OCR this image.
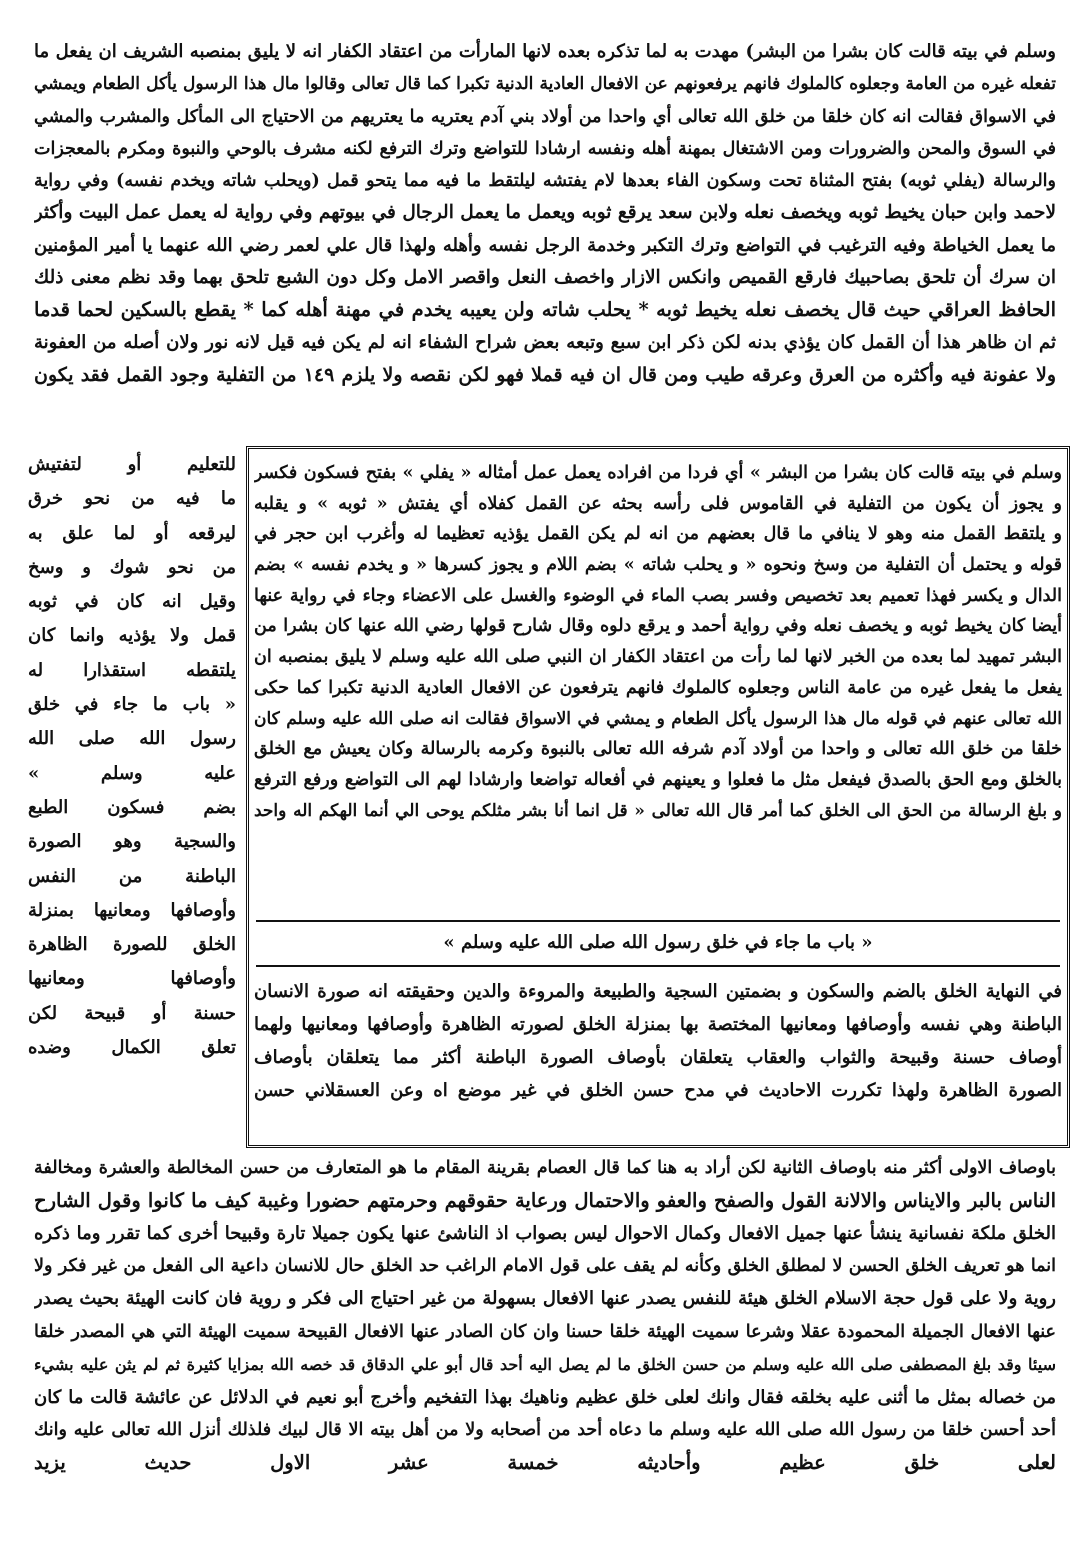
وسلم في بيته قالت كان بشرا من البشر) مهدت به لما تذكره بعده لانها المارأت من اعتقاد الكفار انه لا يليق بمنصبه الشريف ان يفعل ما
تفعله غيره من العامة وجعلوه كالملوك فانهم يرفعونهم عن الافعال العادية الدنية تكبرا كما قال تعالى وقالوا مال هذا الرسول يأكل الطعام ويمشي
في الاسواق فقالت انه كان خلقا من خلق الله تعالى أي واحدا من أولاد بني آدم يعتريه ما يعتريهم من الاحتياج الى المأكل والمشرب والمشي
في السوق والمحن والضرورات ومن الاشتغال بمهنة أهله ونفسه ارشادا للتواضع وترك الترفع لكنه مشرف بالوحي والنبوة ومكرم بالمعجزات
والرسالة (يفلي ثوبه) بفتح المثناة تحت وسكون الفاء بعدها لام يفتشه ليلتقط ما فيه مما يتحو قمل (ويحلب شاته ويخدم نفسه) وفي رواية
لاحمد وابن حبان يخيط ثوبه ويخصف نعله ولابن سعد يرقع ثوبه ويعمل ما يعمل الرجال في بيوتهم وفي رواية له يعمل عمل البيت وأكثر
ما يعمل الخياطة وفيه الترغيب في التواضع وترك التكبر وخدمة الرجل نفسه وأهله ولهذا قال علي لعمر رضي الله عنهما يا أمير المؤمنين
ان سرك أن تلحق بصاحبيك فارقع القميص وانكس الازار واخصف النعل واقصر الامل وكل دون الشبع تلحق بهما وقد نظم معنى ذلك
الحافظ العراقي حيث قال يخصف نعله يخيط ثوبه * يحلب شاته ولن يعيبه يخدم في مهنة أهله كما * يقطع بالسكين لحما قدما
ثم ان ظاهر هذا أن القمل كان يؤذي بدنه لكن ذكر ابن سبع وتبعه بعض شراح الشفاء انه لم يكن فيه قيل لانه نور ولان أصله من العفونة
ولا عفونة فيه وأكثره من العرق وعرقه طيب ومن قال ان فيه قملا فهو لكن نقصه ولا يلزم ١٤٩ من التفلية وجود القمل فقد يكون
وسلم في بيته قالت كان بشرا من البشر » أي فردا من افراده يعمل عمل أمثاله « يفلي » بفتح فسكون فكسر
و يجوز أن يكون من التفلية في القاموس فلى رأسه بحثه عن القمل كفلاه أي يفتش « ثوبه » و يقلبه
و يلتقط القمل منه وهو لا ينافي ما قال بعضهم من انه لم يكن القمل يؤذيه تعظيما له وأغرب ابن حجر في
قوله و يحتمل أن التفلية من وسخ ونحوه « و يحلب شاته » بضم اللام و يجوز كسرها « و يخدم نفسه » بضم
الدال و يكسر فهذا تعميم بعد تخصيص وفسر بصب الماء في الوضوء والغسل على الاعضاء وجاء في رواية عنها
أيضا كان يخيط ثوبه و يخصف نعله وفي رواية أحمد و يرقع دلوه وقال شارح قولها رضي الله عنها كان بشرا من
البشر تمهيد لما بعده من الخبر لانها لما رأت من اعتقاد الكفار ان النبي صلى الله عليه وسلم لا يليق بمنصبه ان
يفعل ما يفعل غيره من عامة الناس وجعلوه كالملوك فانهم يترفعون عن الافعال العادية الدنية تكبرا كما حكى
الله تعالى عنهم في قوله مال هذا الرسول يأكل الطعام و يمشي في الاسواق فقالت انه صلى الله عليه وسلم كان
خلقا من خلق الله تعالى و واحدا من أولاد آدم شرفه الله تعالى بالنبوة وكرمه بالرسالة وكان يعيش مع الخلق
بالخلق ومع الحق بالصدق فيفعل مثل ما فعلوا و يعينهم في أفعاله تواضعا وارشادا لهم الى التواضع ورفع الترفع
و بلغ الرسالة من الحق الى الخلق كما أمر قال الله تعالى « قل انما أنا بشر مثلكم يوحى الي أنما الهكم اله واحد
« باب ما جاء في خلق رسول الله صلى الله عليه وسلم »
في النهاية الخلق بالضم والسكون و بضمتين السجية والطبيعة والمروءة والدين وحقيقته انه صورة الانسان
الباطنة وهي نفسه وأوصافها ومعانيها المختصة بها بمنزلة الخلق لصورته الظاهرة وأوصافها ومعانيها ولهما
أوصاف حسنة وقبيحة والثواب والعقاب يتعلقان بأوصاف الصورة الباطنة أكثر مما يتعلقان بأوصاف
الصورة الظاهرة ولهذا تكررت الاحاديث في مدح حسن الخلق في غير موضع اه وعن العسقلاني حسن
للتعليم أو لتفتيش
ما فيه من نحو خرق
ليرقعه أو لما علق به
من نحو شوك و وسخ
وقيل انه كان في ثوبه
قمل ولا يؤذيه وانما كان
يلتقطه استقذارا له
« باب ما جاء في خلق
رسول الله صلى الله
عليه وسلم »
بضم فسكون الطبع
والسجية وهو الصورة
الباطنة من النفس
وأوصافها ومعانيها بمنزلة
الخلق للصورة الظاهرة
وأوصافها ومعانيها
حسنة أو قبيحة لكن
تعلق الكمال وضده
باوصاف الاولى أكثر منه باوصاف الثانية لكن أراد به هنا كما قال العصام بقرينة المقام ما هو المتعارف من حسن المخالطة والعشرة ومخالفة
الناس بالبر والايناس والالانة القول والصفح والعفو والاحتمال ورعاية حقوقهم وحرمتهم حضورا وغيبة كيف ما كانوا وقول الشارح
الخلق ملكة نفسانية ينشأ عنها جميل الافعال وكمال الاحوال ليس بصواب اذ الناشئ عنها يكون جميلا تارة وقبيحا أخرى كما تقرر وما ذكره
انما هو تعريف الخلق الحسن لا لمطلق الخلق وكأنه لم يقف على قول الامام الراغب حد الخلق حال للانسان داعية الى الفعل من غير فكر ولا
روية ولا على قول حجة الاسلام الخلق هيئة للنفس يصدر عنها الافعال بسهولة من غير احتياج الى فكر و روية فان كانت الهيئة بحيث يصدر
عنها الافعال الجميلة المحمودة عقلا وشرعا سميت الهيئة خلقا حسنا وان كان الصادر عنها الافعال القبيحة سميت الهيئة التي هي المصدر خلقا
سيئا وقد بلغ المصطفى صلى الله عليه وسلم من حسن الخلق ما لم يصل اليه أحد قال أبو علي الدقاق قد خصه الله بمزايا كثيرة ثم لم يثن عليه بشيء
من خصاله بمثل ما أثنى عليه بخلقه فقال وانك لعلى خلق عظيم وناهيك بهذا التفخيم وأخرج أبو نعيم في الدلائل عن عائشة قالت ما كان
أحد أحسن خلقا من رسول الله صلى الله عليه وسلم ما دعاه أحد من أصحابه ولا من أهل بيته الا قال لبيك فلذلك أنزل الله تعالى عليه وانك
لعلى خلق عظيم وأحاديثه خمسة عشر الاول حديث يزيد
